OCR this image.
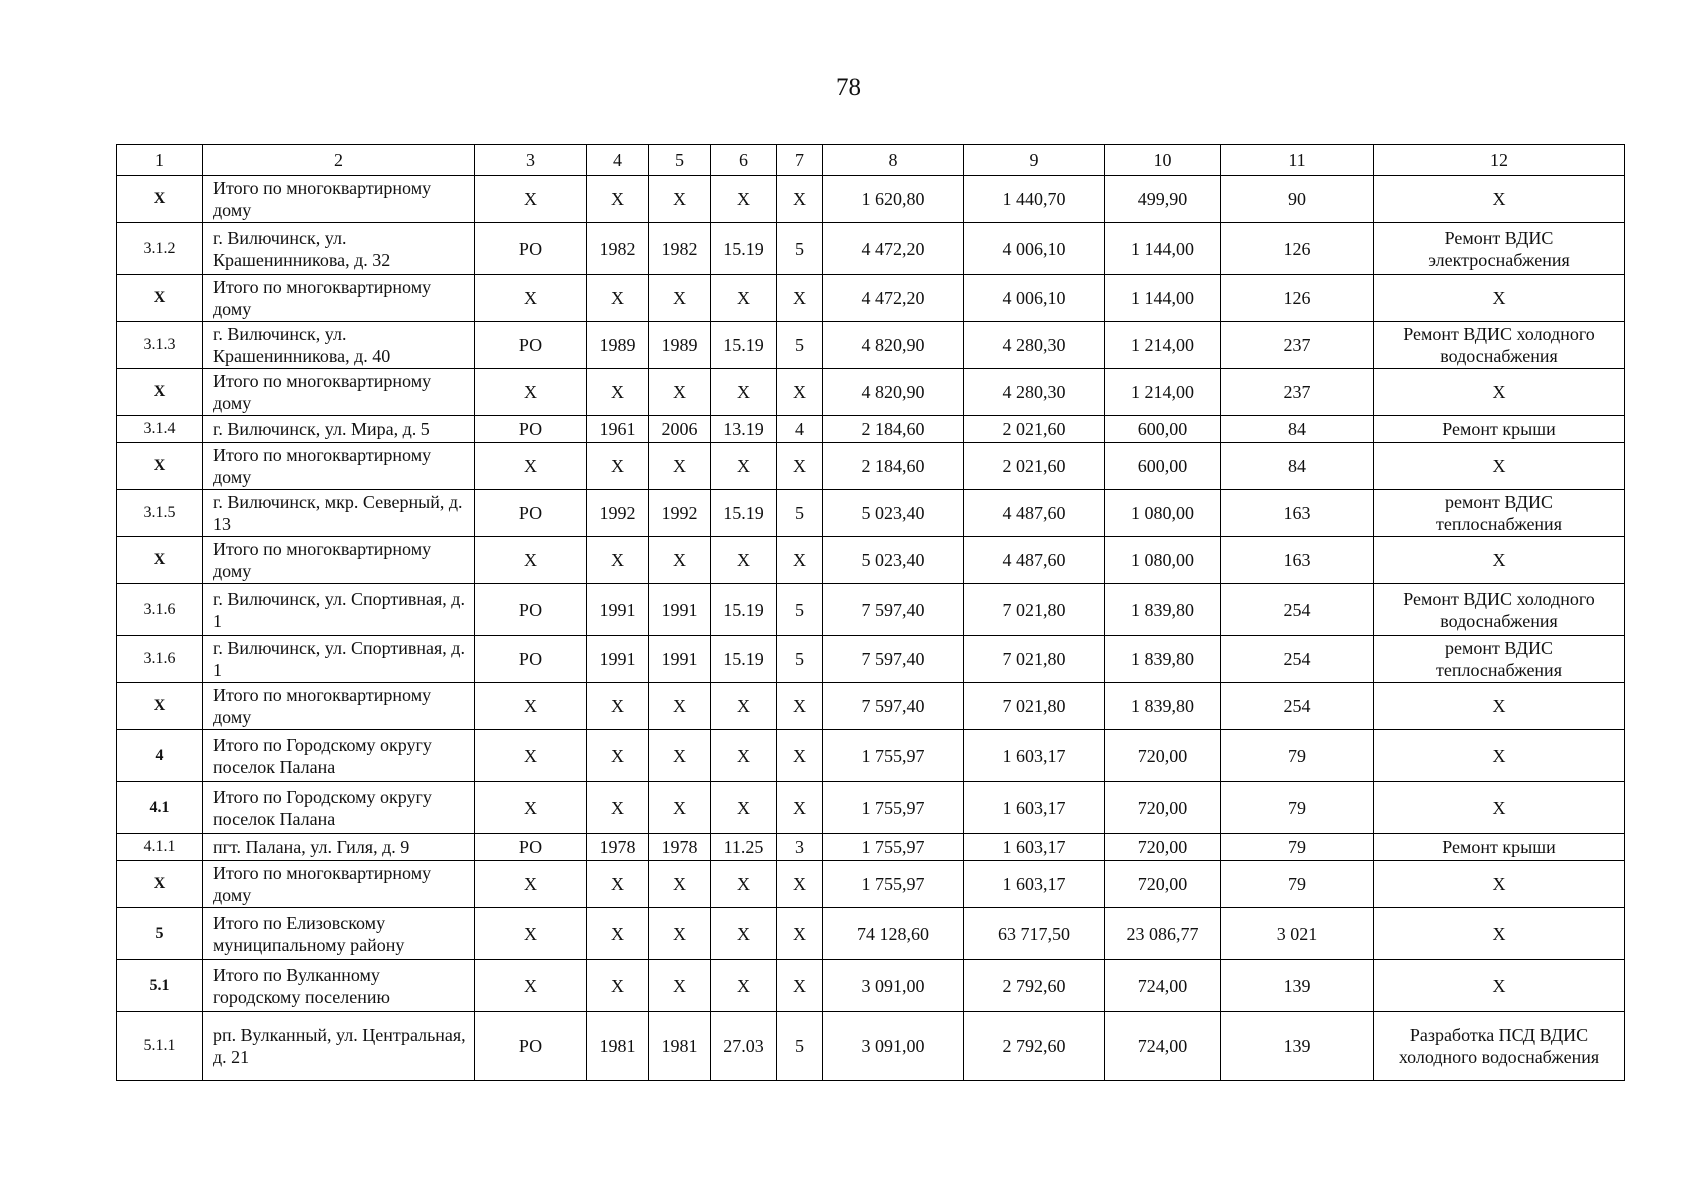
78
1	2	3	4	5	6	7	8	9	10	11	12
X	Итого по многоквартирному дому	X	X	X	X	X	1 620,80	1 440,70	499,90	90	X
3.1.2	г. Вилючинск, ул. Крашенинникова, д. 32	РО	1982	1982	15.19	5	4 472,20	4 006,10	1 144,00	126	Ремонт ВДИС электроснабжения
X	Итого по многоквартирному дому	X	X	X	X	X	4 472,20	4 006,10	1 144,00	126	X
3.1.3	г. Вилючинск, ул. Крашенинникова, д. 40	РО	1989	1989	15.19	5	4 820,90	4 280,30	1 214,00	237	Ремонт ВДИС холодного водоснабжения
X	Итого по многоквартирному дому	X	X	X	X	X	4 820,90	4 280,30	1 214,00	237	X
3.1.4	г. Вилючинск, ул. Мира, д. 5	РО	1961	2006	13.19	4	2 184,60	2 021,60	600,00	84	Ремонт крыши
X	Итого по многоквартирному дому	X	X	X	X	X	2 184,60	2 021,60	600,00	84	X
3.1.5	г. Вилючинск, мкр. Северный, д. 13	РО	1992	1992	15.19	5	5 023,40	4 487,60	1 080,00	163	ремонт ВДИС теплоснабжения
X	Итого по многоквартирному дому	X	X	X	X	X	5 023,40	4 487,60	1 080,00	163	X
3.1.6	г. Вилючинск, ул. Спортивная, д. 1	РО	1991	1991	15.19	5	7 597,40	7 021,80	1 839,80	254	Ремонт ВДИС холодного водоснабжения
3.1.6	г. Вилючинск, ул. Спортивная, д. 1	РО	1991	1991	15.19	5	7 597,40	7 021,80	1 839,80	254	ремонт ВДИС теплоснабжения
X	Итого по многоквартирному дому	X	X	X	X	X	7 597,40	7 021,80	1 839,80	254	X
4	Итого по Городскому округу поселок Палана	X	X	X	X	X	1 755,97	1 603,17	720,00	79	X
4.1	Итого по Городскому округу поселок Палана	X	X	X	X	X	1 755,97	1 603,17	720,00	79	X
4.1.1	пгт. Палана, ул. Гиля, д. 9	РО	1978	1978	11.25	3	1 755,97	1 603,17	720,00	79	Ремонт крыши
X	Итого по многоквартирному дому	X	X	X	X	X	1 755,97	1 603,17	720,00	79	X
5	Итого по Елизовскому муниципальному району	X	X	X	X	X	74 128,60	63 717,50	23 086,77	3 021	X
5.1	Итого по Вулканному городскому поселению	X	X	X	X	X	3 091,00	2 792,60	724,00	139	X
5.1.1	рп. Вулканный, ул. Центральная, д. 21	РО	1981	1981	27.03	5	3 091,00	2 792,60	724,00	139	Разработка ПСД ВДИС холодного водоснабжения
